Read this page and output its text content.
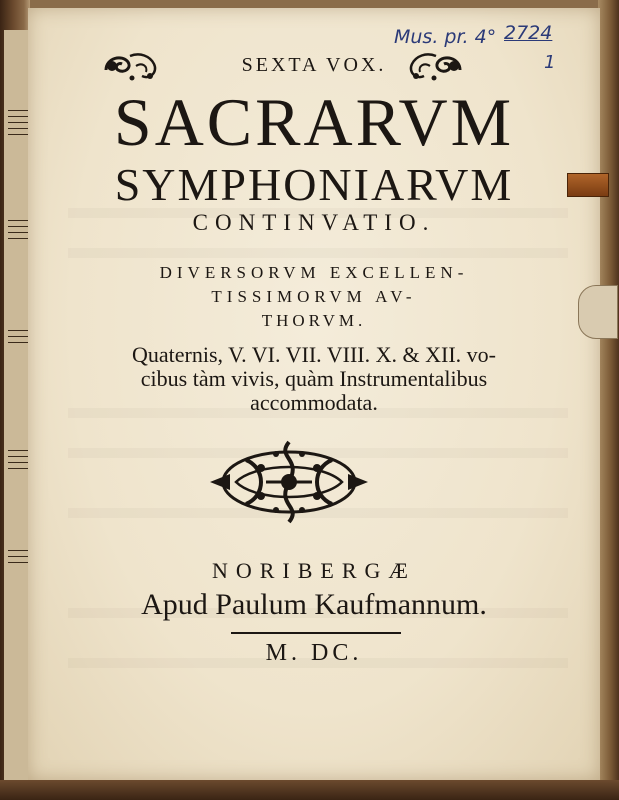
Mus. pr. 4° 2724
1
SEXTA VOX.
SACRARVM
SYMPHONIARVM
CONTINVATIO.
DIVERSORVM EXCELLEN-
TISSIMORVM AV-
THORVM.
Quaternis, V. VI. VII. VIII. X. & XII. vo-
cibus tàm vivis, quàm Instrumentalibus
accommodata.
NORIBERGÆ
Apud Paulum Kaufmannum.
M. DC.
